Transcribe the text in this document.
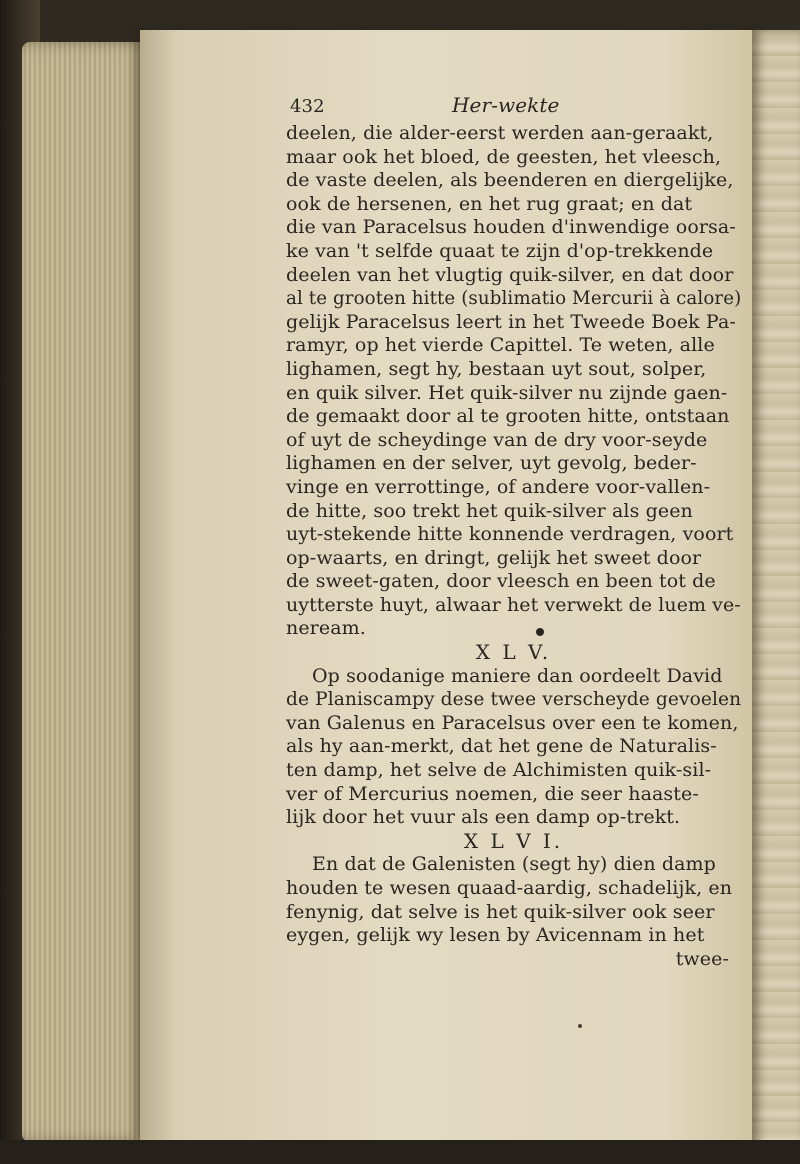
432	Her-wekte
deelen, die alder-eerst werden aan-geraakt,
maar ook het bloed, de geesten, het vleesch,
de vaste deelen, als beenderen en diergelijke,
ook de hersenen, en het rug graat; en dat
die van Paracelsus houden d'inwendige oorsa-
ke van 't selfde quaat te zijn d'op-trekkende
deelen van het vlugtig quik-silver, en dat door
al te grooten hitte (sublimatio Mercurii à calore)
gelijk Paracelsus leert in het Tweede Boek Pa-
ramyr, op het vierde Capittel. Te weten, alle
lighamen, segt hy, bestaan uyt sout, solper,
en quik silver. Het quik-silver nu zijnde gaen-
de gemaakt door al te grooten hitte, ontstaan
of uyt de scheydinge van de dry voor-seyde
lighamen en der selver, uyt gevolg, beder-
vinge en verrottinge, of andere voor-vallen-
de hitte, soo trekt het quik-silver als geen
uyt-stekende hitte konnende verdragen, voort
op-waarts, en dringt, gelijk het sweet door
de sweet-gaten, door vleesch en been tot de
uytterste huyt, alwaar het verwekt de luem ve-
neream.
X L V.
Op soodanige maniere dan oordeelt David
de Planiscampy dese twee verscheyde gevoelen
van Galenus en Paracelsus over een te komen,
als hy aan-merkt, dat het gene de Naturalis-
ten damp, het selve de Alchimisten quik-sil-
ver of Mercurius noemen, die seer haaste-
lijk door het vuur als een damp op-trekt.
X L V I.
En dat de Galenisten (segt hy) dien damp
houden te wesen quaad-aardig, schadelijk, en
fenynig, dat selve is het quik-silver ook seer
eygen, gelijk wy lesen by Avicennam in het
twee-
